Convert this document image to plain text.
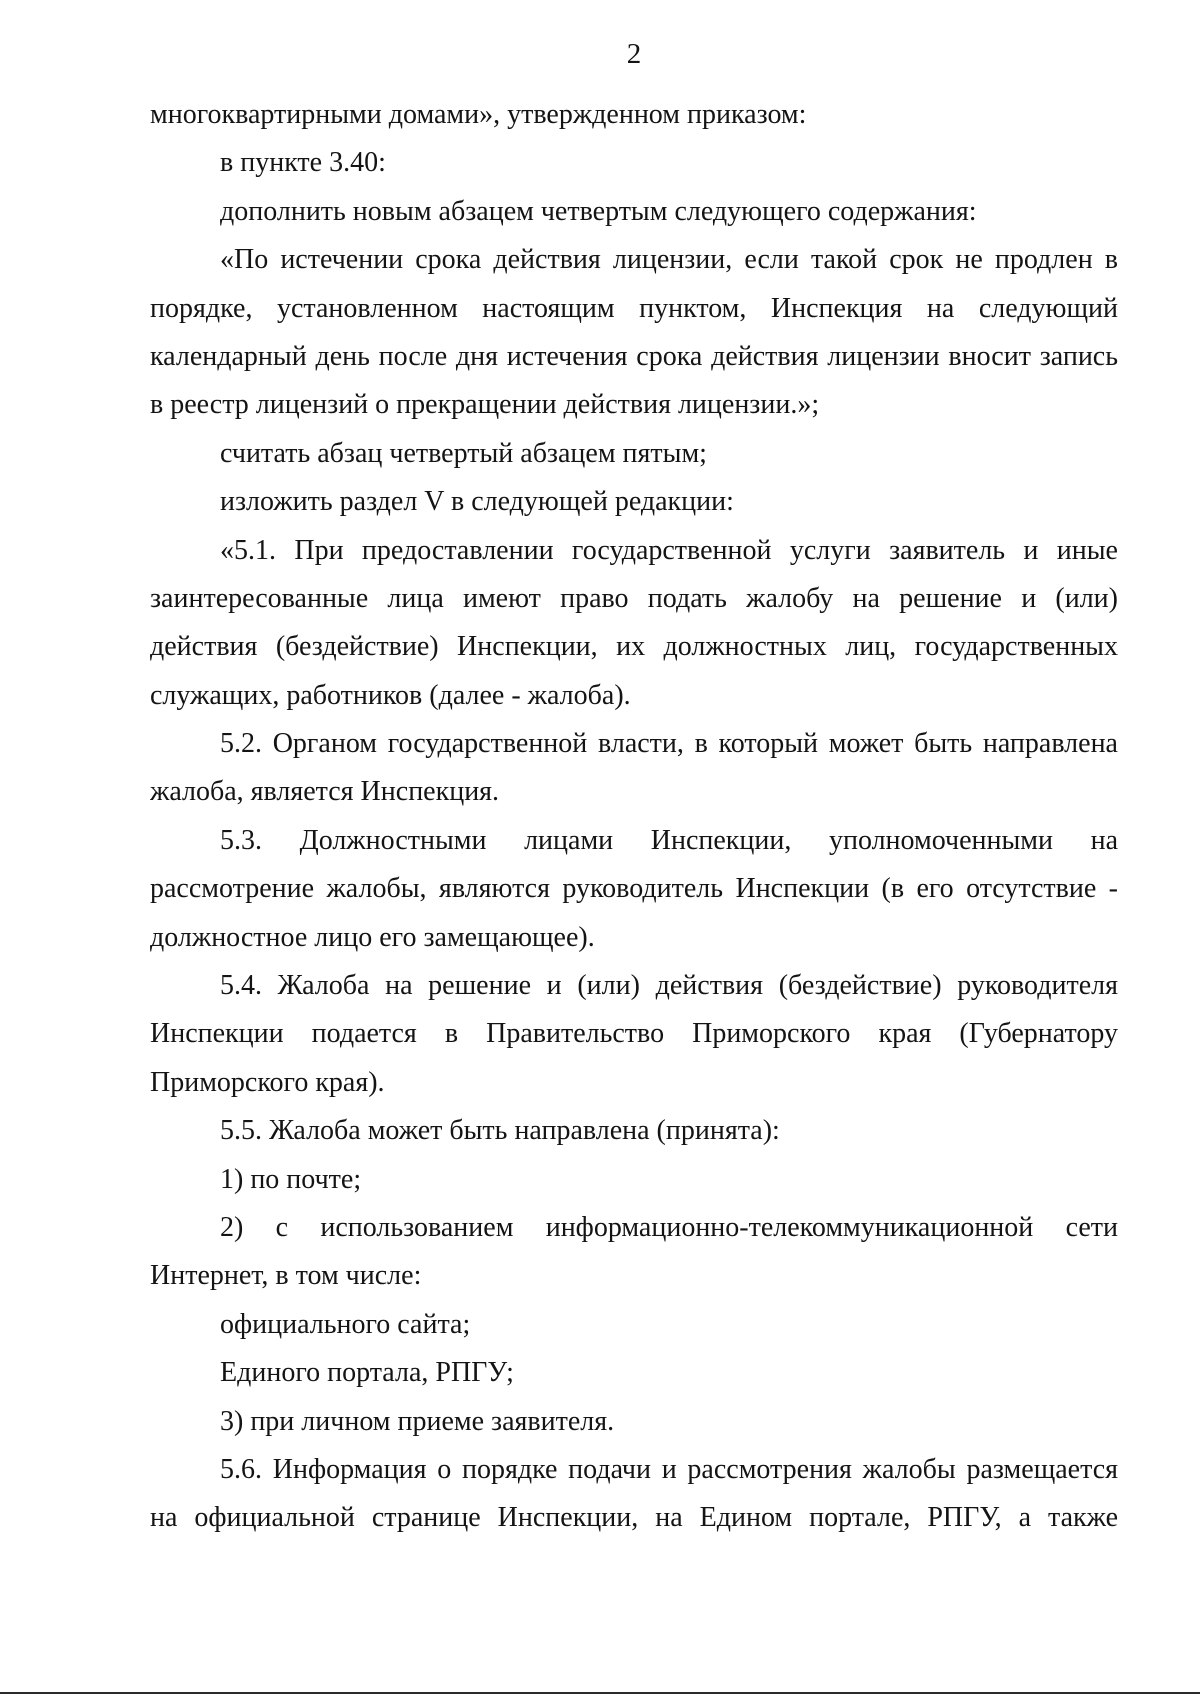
2
многоквартирными домами», утвержденном приказом:
в пункте 3.40:
дополнить новым абзацем четвертым следующего содержания:
«По истечении срока действия лицензии, если такой срок не продлен в
порядке, установленном настоящим пунктом, Инспекция на следующий
календарный день после дня истечения срока действия лицензии вносит запись
в реестр лицензий о прекращении действия лицензии.»;
считать абзац четвертый абзацем пятым;
изложить раздел V в следующей редакции:
«5.1. При предоставлении государственной услуги заявитель и иные
заинтересованные лица имеют право подать жалобу на решение и (или)
действия (бездействие) Инспекции, их должностных лиц, государственных
служащих, работников (далее - жалоба).
5.2. Органом государственной власти, в который может быть направлена
жалоба, является Инспекция.
5.3. Должностными лицами Инспекции, уполномоченными на
рассмотрение жалобы, являются руководитель Инспекции (в его отсутствие -
должностное лицо его замещающее).
5.4. Жалоба на решение и (или) действия (бездействие) руководителя
Инспекции подается в Правительство Приморского края (Губернатору
Приморского края).
5.5. Жалоба может быть направлена (принята):
1) по почте;
2) с использованием информационно-телекоммуникационной сети
Интернет, в том числе:
официального сайта;
Единого портала, РПГУ;
3) при личном приеме заявителя.
5.6. Информация о порядке подачи и рассмотрения жалобы размещается
на официальной странице Инспекции, на Едином портале, РПГУ, а также
